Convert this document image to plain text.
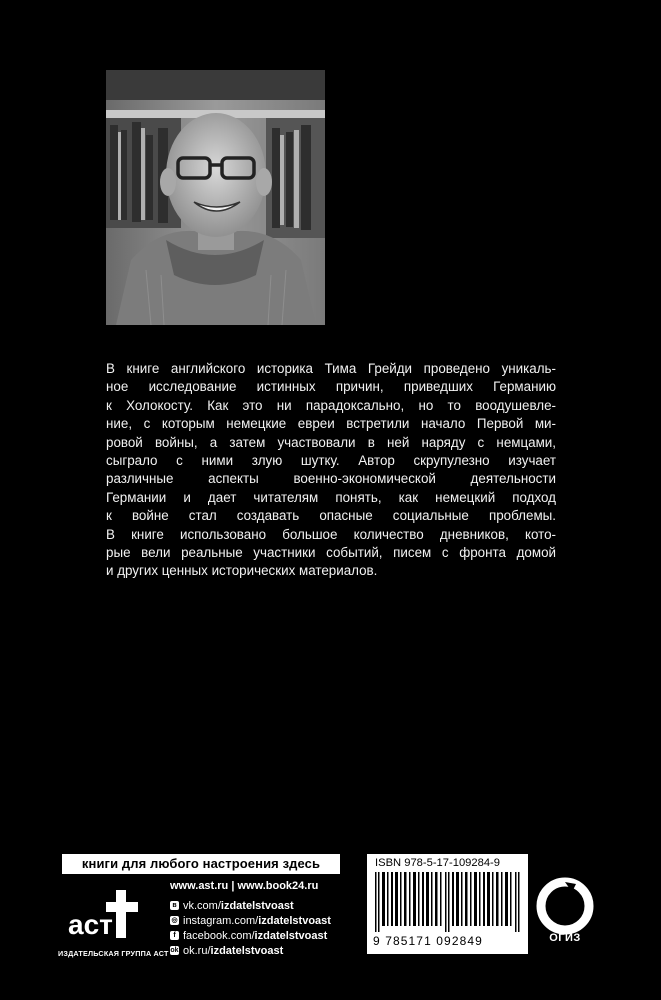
В книге английского историка Тима Грейди проведено уникаль-
ное исследование истинных причин, приведших Германию
к Холокосту. Как это ни парадоксально, но то воодушевле-
ние, с которым немецкие евреи встретили начало Первой ми-
ровой войны, а затем участвовали в ней наряду с немцами,
сыграло с ними злую шутку. Автор скрупулезно изучает
различные аспекты военно-экономической деятельности
Германии и дает читателям понять, как немецкий подход
к войне стал создавать опасные социальные проблемы.
В книге использовано большое количество дневников, кото-
рые вели реальные участники событий, писем с фронта домой
и других ценных исторических материалов.
книги для любого настроения здесь
www.ast.ru | www.book24.ru
в vk.com/ izdatelstvoast
◎ instagram.com/ izdatelstvoast
f facebook.com/ izdatelstvoast
ok ok.ru/ izdatelstvoast
аст
ИЗДАТЕЛЬСКАЯ ГРУППА АСТ
ISBN 978-5-17-109284-9
9 785171 092849	ОГИЗ
